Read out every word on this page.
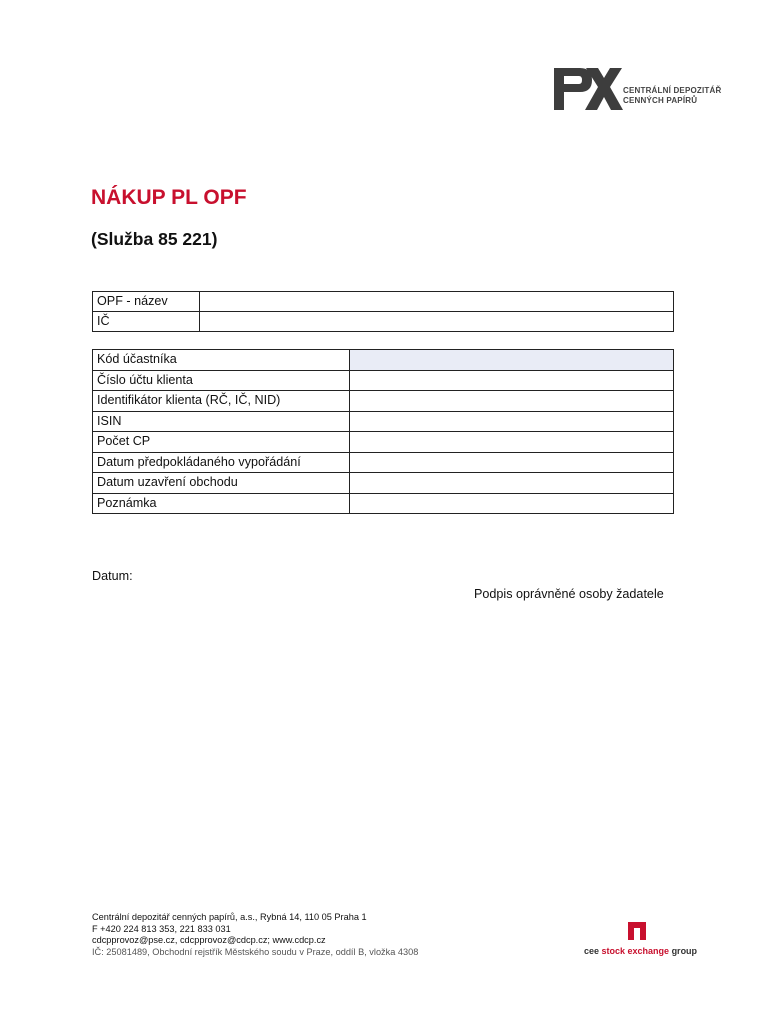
CENTRÁLNÍ DEPOZITÁŘ
CENNÝCH PAPÍRŮ
NÁKUP PL OPF
(Služba 85 221)
OPF - název	
IČ	
Kód účastníka	
Číslo účtu klienta	
Identifikátor klienta (RČ, IČ, NID)	
ISIN	
Počet CP	
Datum předpokládaného vypořádání	
Datum uzavření obchodu	
Poznámka	
Datum:
Podpis oprávněné osoby žadatele
Centrální depozitář cenných papírů, a.s., Rybná 14, 110 05 Praha 1
F +420 224 813 353, 221 833 031
cdcpprovoz@pse.cz, cdcpprovoz@cdcp.cz; www.cdcp.cz
IČ: 25081489, Obchodní rejstřík Městského soudu v Praze, oddíl B, vložka 4308	cee stock exchange group
